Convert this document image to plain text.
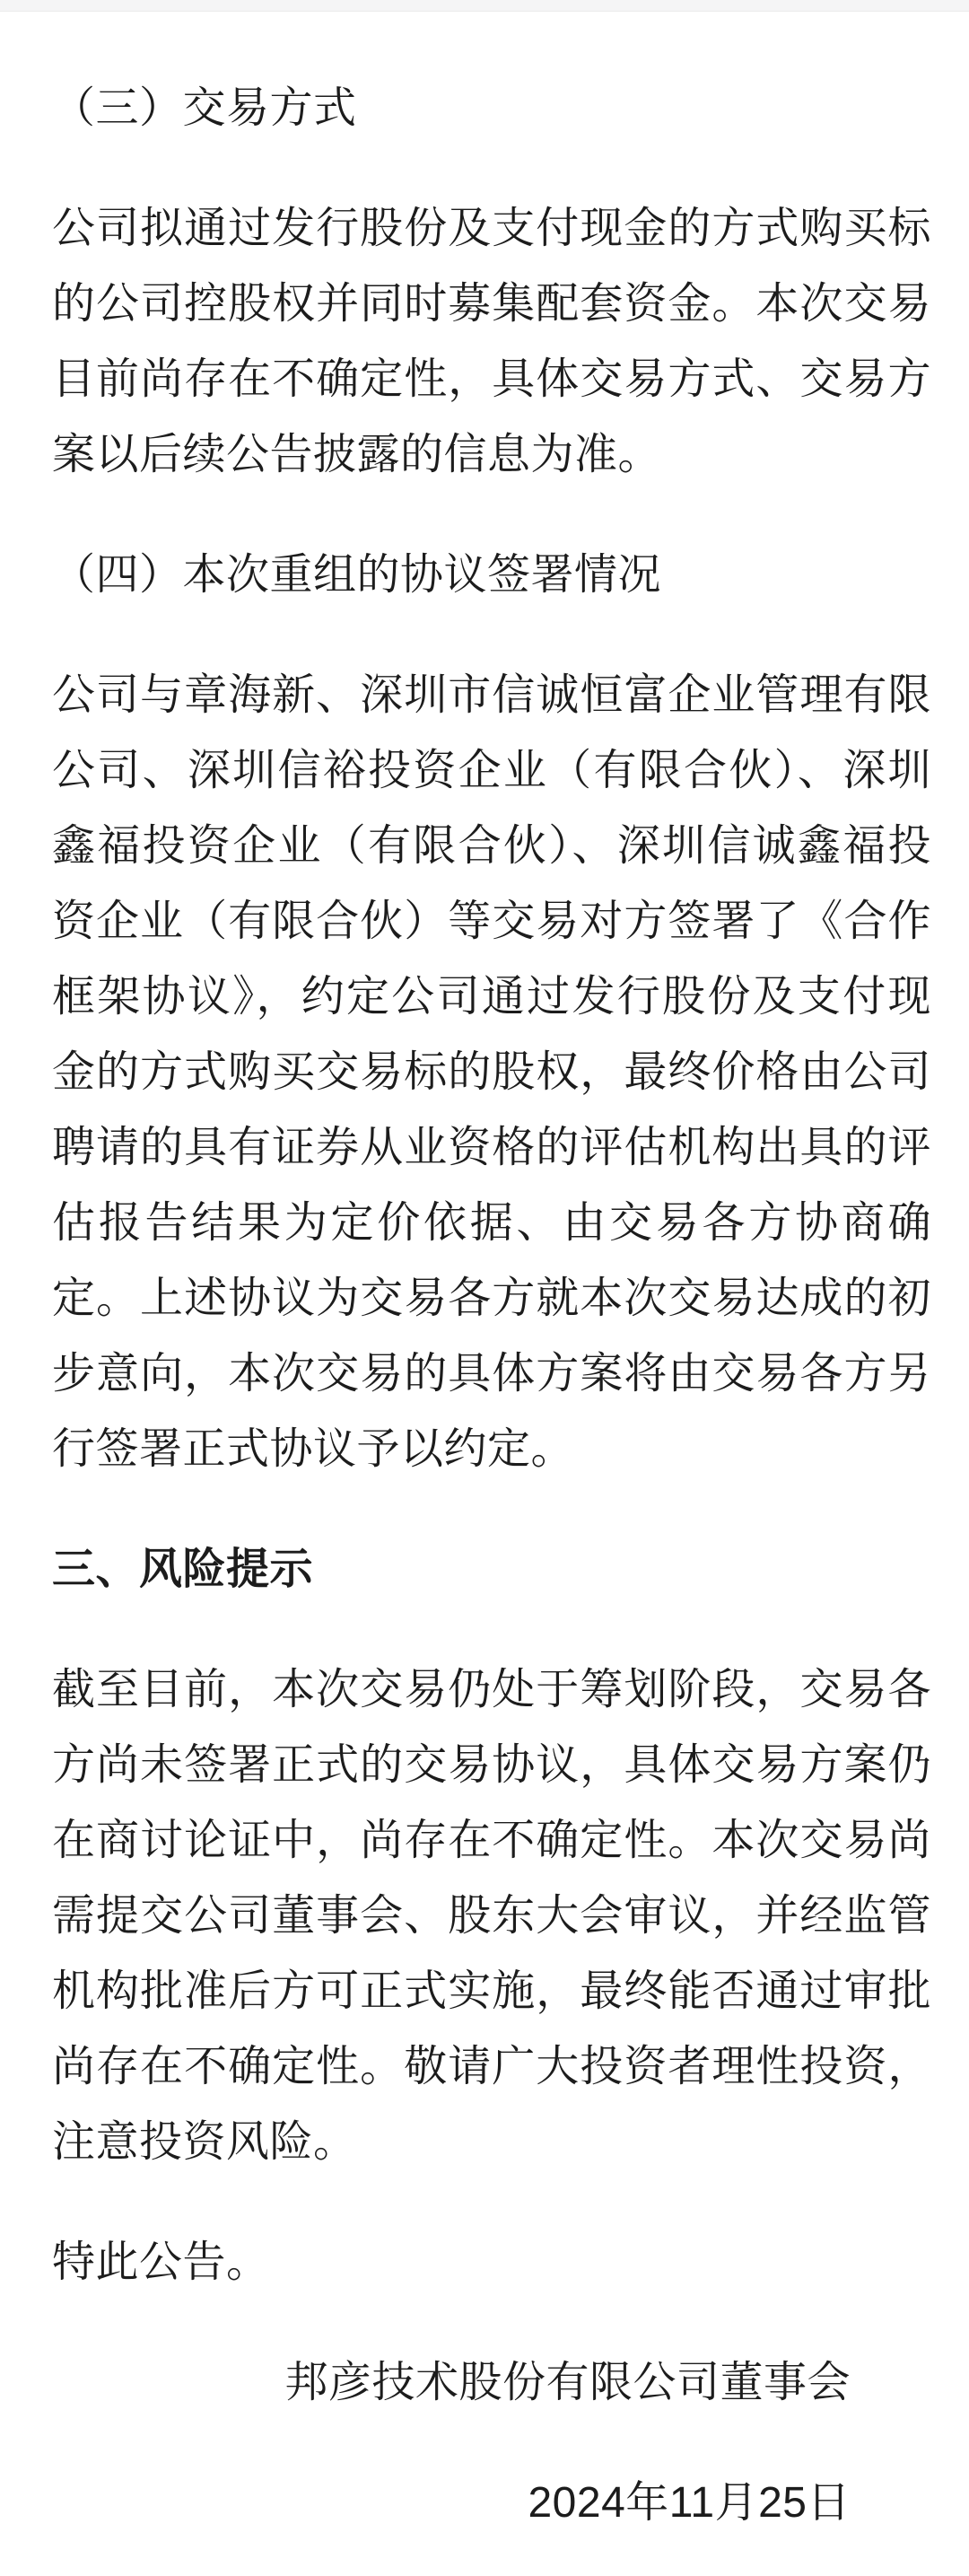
（三）交易方式

公司拟通过发行股份及支付现金的方式购买标的公司控股权并同时募集配套资金。本次交易目前尚存在不确定性，具体交易方式、交易方案以后续公告披露的信息为准。

（四）本次重组的协议签署情况

公司与章海新、深圳市信诚恒富企业管理有限公司、深圳信裕投资企业（有限合伙）、深圳鑫福投资企业（有限合伙）、深圳信诚鑫福投资企业（有限合伙）等交易对方签署了《合作框架协议》，约定公司通过发行股份及支付现金的方式购买交易标的股权，最终价格由公司聘请的具有证券从业资格的评估机构出具的评估报告结果为定价依据、由交易各方协商确定。上述协议为交易各方就本次交易达成的初步意向，本次交易的具体方案将由交易各方另行签署正式协议予以约定。

三、风险提示

截至目前，本次交易仍处于筹划阶段，交易各方尚未签署正式的交易协议，具体交易方案仍在商讨论证中，尚存在不确定性。本次交易尚需提交公司董事会、股东大会审议，并经监管机构批准后方可正式实施，最终能否通过审批尚存在不确定性。敬请广大投资者理性投资，注意投资风险。

特此公告。

邦彦技术股份有限公司董事会

2024年11月25日
